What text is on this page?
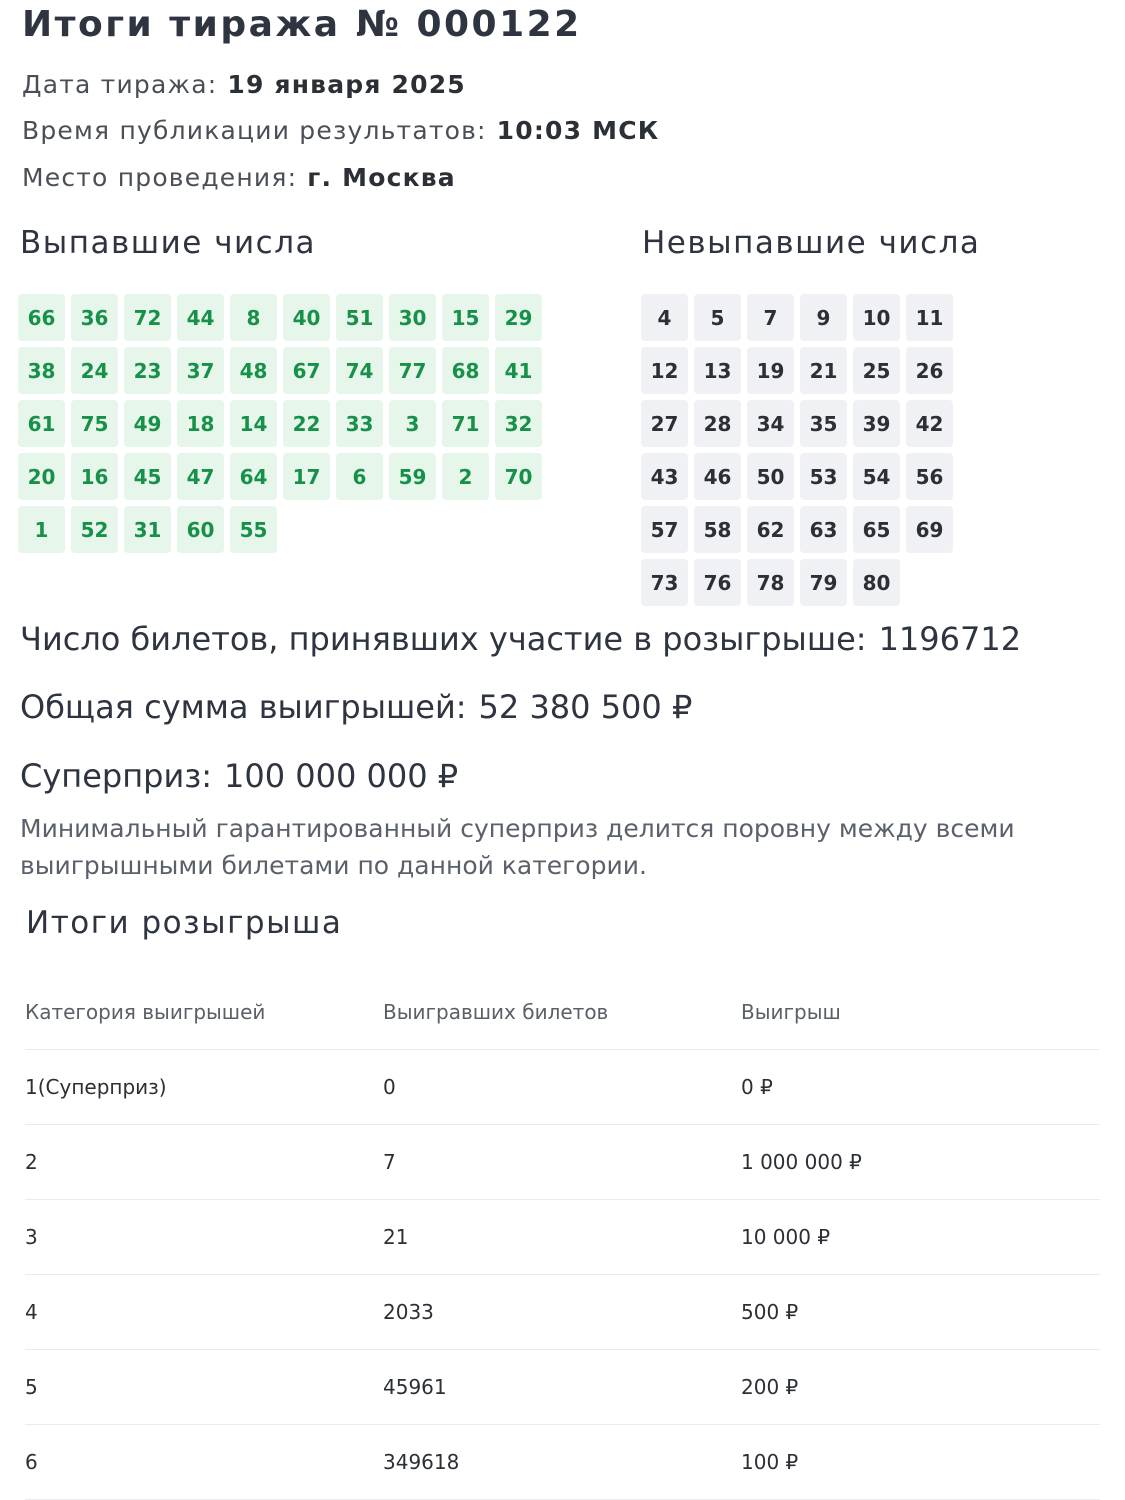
Итоги тиража № 000122
Дата тиража: 19 января 2025
Время публикации результатов: 10:03 МСК
Место проведения: г. Москва
Выпавшие числа	Невыпавшие числа
66	36	72	44	8	40	51	30	15	29
38	24	23	37	48	67	74	77	68	41
61	75	49	18	14	22	33	3	71	32
20	16	45	47	64	17	6	59	2	70
1	52	31	60	55
4	5	7	9	10	11
12	13	19	21	25	26
27	28	34	35	39	42
43	46	50	53	54	56
57	58	62	63	65	69
73	76	78	79	80
Число билетов, принявших участие в розыгрыше: 1196712
Общая сумма выигрышей: 52 380 500 ₽
Суперприз: 100 000 000 ₽
Минимальный гарантированный суперприз делится поровну между всеми выигрышными билетами по данной категории.
Итоги розыгрыша
Категория выигрышей	Выигравших билетов	Выигрыш
1(Суперприз)	0	0 ₽
2	7	1 000 000 ₽
3	21	10 000 ₽
4	2033	500 ₽
5	45961	200 ₽
6	349618	100 ₽
